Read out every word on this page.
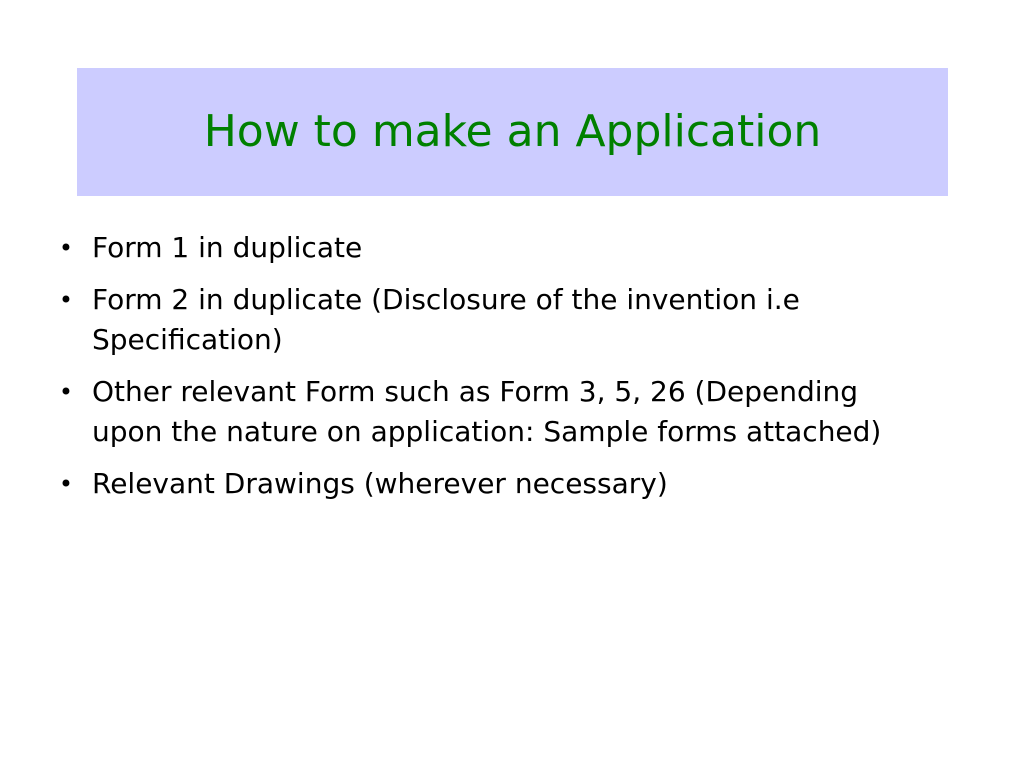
How to make an Application
• Form 1 in duplicate
• Form 2 in duplicate (Disclosure of the invention i.e Specification)
• Other relevant Form such as Form 3, 5, 26 (Depending upon the nature on application: Sample forms attached)
• Relevant Drawings (wherever necessary)
